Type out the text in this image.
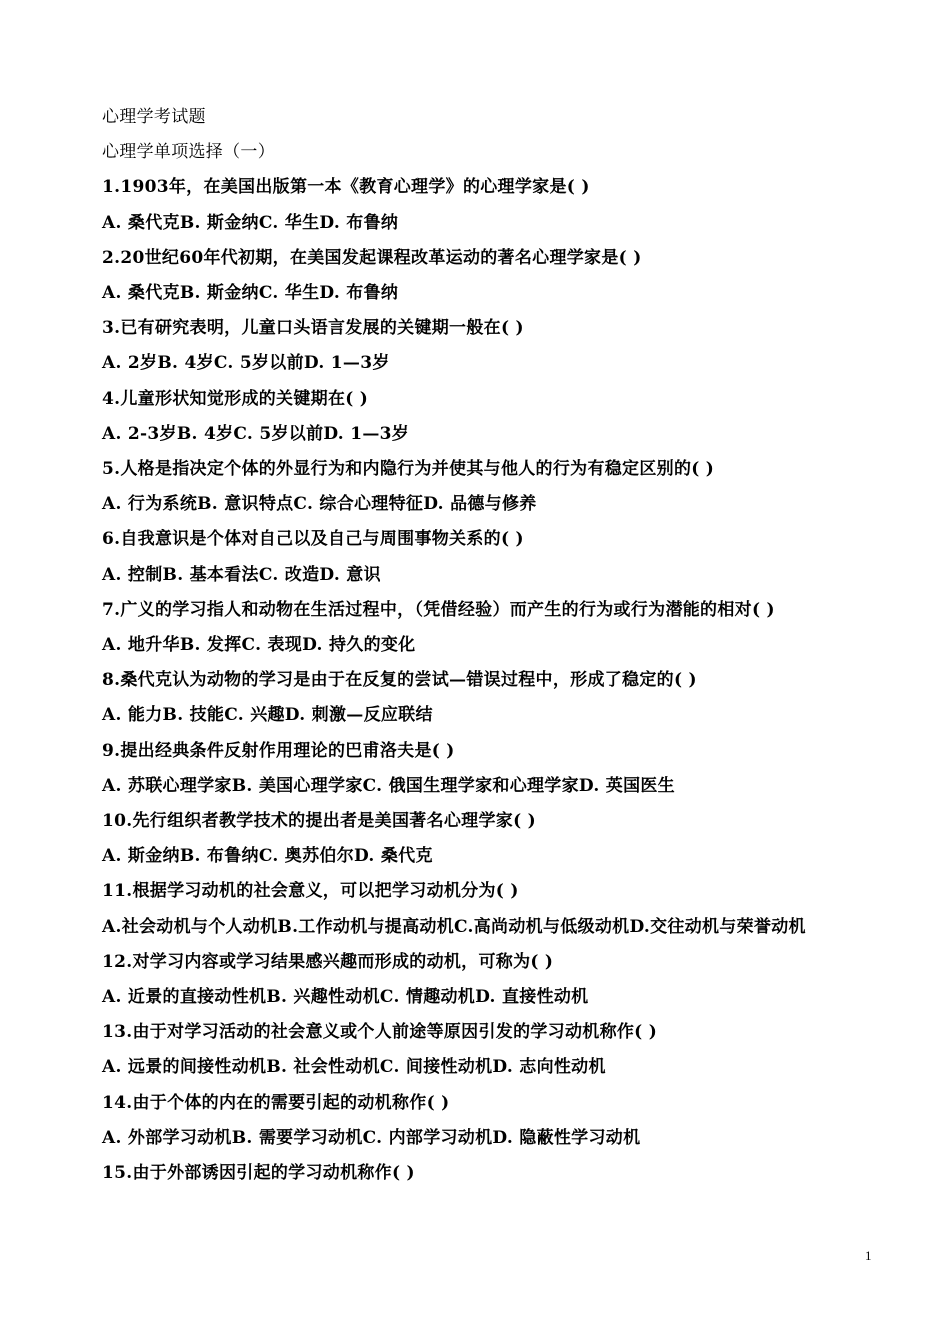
心理学考试题
心理学单项选择（一）
1.1903年，在美国出版第一本《教育心理学》的心理学家是( )
A. 桑代克B. 斯金纳C. 华生D. 布鲁纳
2.20世纪60年代初期，在美国发起课程改革运动的著名心理学家是( )
A. 桑代克B. 斯金纳C. 华生D. 布鲁纳
3.已有研究表明，儿童口头语言发展的关键期一般在( )
A. 2岁B. 4岁C. 5岁以前D. 1—3岁
4.儿童形状知觉形成的关键期在( )
A. 2-3岁B. 4岁C. 5岁以前D. 1—3岁
5.人格是指决定个体的外显行为和内隐行为并使其与他人的行为有稳定区别的( )
A. 行为系统B. 意识特点C. 综合心理特征D. 品德与修养
6.自我意识是个体对自己以及自己与周围事物关系的( )
A. 控制B. 基本看法C. 改造D. 意识
7.广义的学习指人和动物在生活过程中，（凭借经验）而产生的行为或行为潜能的相对( )
A. 地升华B. 发挥C. 表现D. 持久的变化
8.桑代克认为动物的学习是由于在反复的尝试—错误过程中，形成了稳定的( )
A. 能力B. 技能C. 兴趣D. 刺激—反应联结
9.提出经典条件反射作用理论的巴甫洛夫是( )
A. 苏联心理学家B. 美国心理学家C. 俄国生理学家和心理学家D. 英国医生
10.先行组织者教学技术的提出者是美国著名心理学家( )
A. 斯金纳B. 布鲁纳C. 奥苏伯尔D. 桑代克
11.根据学习动机的社会意义，可以把学习动机分为( )
A.社会动机与个人动机B.工作动机与提高动机C.高尚动机与低级动机D.交往动机与荣誉动机
12.对学习内容或学习结果感兴趣而形成的动机，可称为( )
A. 近景的直接动性机B. 兴趣性动机C. 情趣动机D. 直接性动机
13.由于对学习活动的社会意义或个人前途等原因引发的学习动机称作( )
A. 远景的间接性动机B. 社会性动机C. 间接性动机D. 志向性动机
14.由于个体的内在的需要引起的动机称作( )
A. 外部学习动机B. 需要学习动机C. 内部学习动机D. 隐蔽性学习动机
15.由于外部诱因引起的学习动机称作( )
1
